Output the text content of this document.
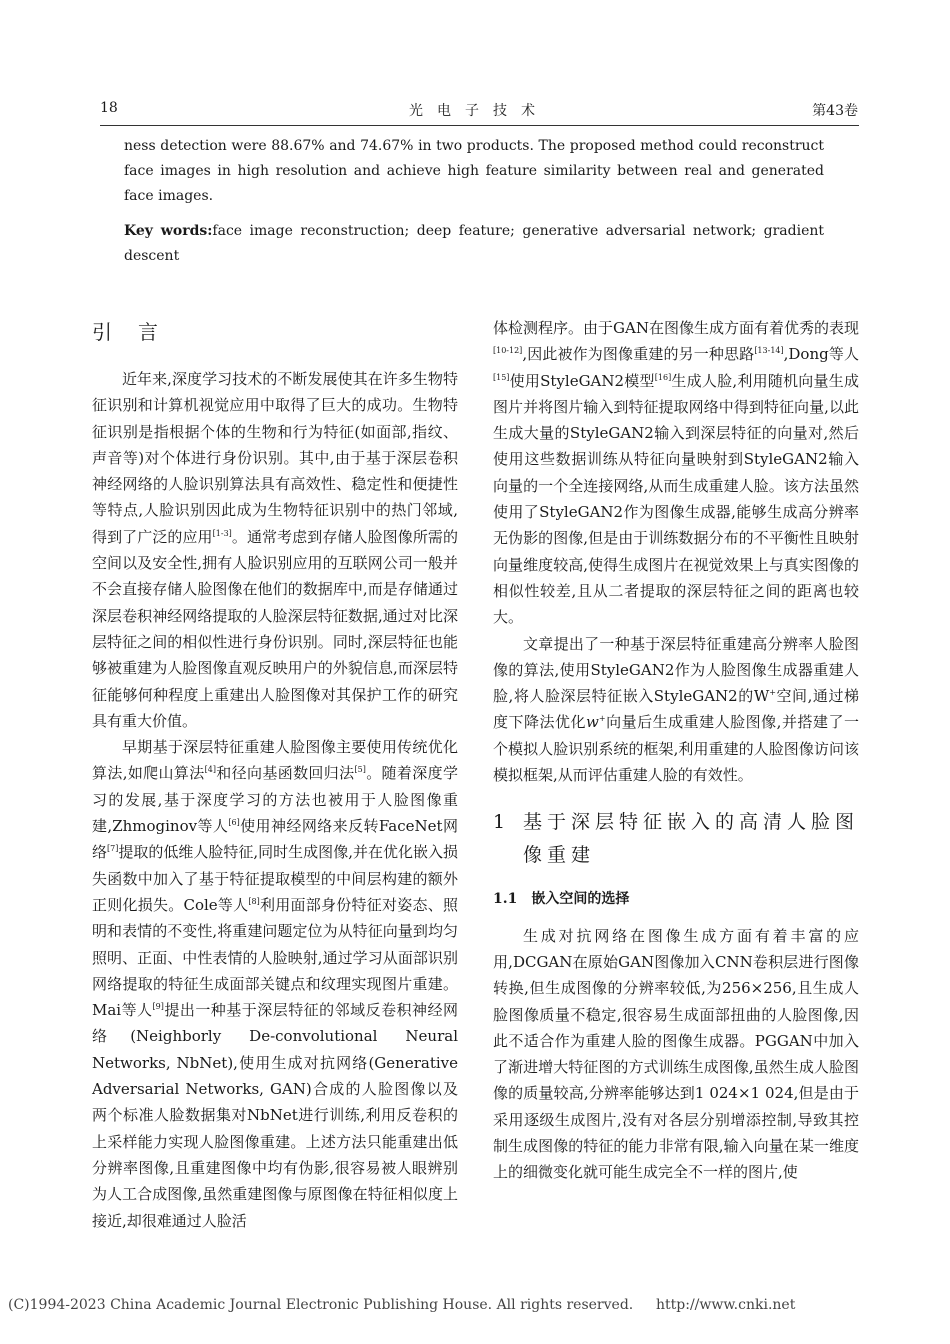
18	光电子技术	第43卷

ness detection were 88.67% and 74.67% in two products. The proposed method could reconstruct face images in high resolution and achieve high feature similarity between real and generated face images.

Key words:face image reconstruction; deep feature; generative adversarial network; gradient descent

引言

近年来,深度学习技术的不断发展使其在许多生物特征识别和计算机视觉应用中取得了巨大的成功。生物特征识别是指根据个体的生物和行为特征(如面部,指纹、声音等)对个体进行身份识别。其中,由于基于深层卷积神经网络的人脸识别算法具有高效性、稳定性和便捷性等特点,人脸识别因此成为生物特征识别中的热门邻域,得到了广泛的应用[1-3]。通常考虑到存储人脸图像所需的空间以及安全性,拥有人脸识别应用的互联网公司一般并不会直接存储人脸图像在他们的数据库中,而是存储通过深层卷积神经网络提取的人脸深层特征数据,通过对比深层特征之间的相似性进行身份识别。同时,深层特征也能够被重建为人脸图像直观反映用户的外貌信息,而深层特征能够何种程度上重建出人脸图像对其保护工作的研究具有重大价值。

早期基于深层特征重建人脸图像主要使用传统优化算法,如爬山算法[4]和径向基函数回归法[5]。随着深度学习的发展,基于深度学习的方法也被用于人脸图像重建,Zhmoginov等人[6]使用神经网络来反转FaceNet网络[7]提取的低维人脸特征,同时生成图像,并在优化嵌入损失函数中加入了基于特征提取模型的中间层构建的额外正则化损失。Cole等人[8]利用面部身份特征对姿态、照明和表情的不变性,将重建问题定位为从特征向量到均匀照明、正面、中性表情的人脸映射,通过学习从面部识别网络提取的特征生成面部关键点和纹理实现图片重建。Mai等人[9]提出一种基于深层特征的邻域反卷积神经网络(Neighborly De-convolutional Neural Networks, NbNet),使用生成对抗网络(Generative Adversarial Networks, GAN)合成的人脸图像以及两个标准人脸数据集对NbNet进行训练,利用反卷积的上采样能力实现人脸图像重建。上述方法只能重建出低分辨率图像,且重建图像中均有伪影,很容易被人眼辨别为人工合成图像,虽然重建图像与原图像在特征相似度上接近,却很难通过人脸活

体检测程序。由于GAN在图像生成方面有着优秀的表现[10-12],因此被作为图像重建的另一种思路[13-14],Dong等人[15]使用StyleGAN2模型[16]生成人脸,利用随机向量生成图片并将图片输入到特征提取网络中得到特征向量,以此生成大量的StyleGAN2输入到深层特征的向量对,然后使用这些数据训练从特征向量映射到StyleGAN2输入向量的一个全连接网络,从而生成重建人脸。该方法虽然使用了StyleGAN2作为图像生成器,能够生成高分辨率无伪影的图像,但是由于训练数据分布的不平衡性且映射向量维度较高,使得生成图片在视觉效果上与真实图像的相似性较差,且从二者提取的深层特征之间的距离也较大。

文章提出了一种基于深层特征重建高分辨率人脸图像的算法,使用StyleGAN2作为人脸图像生成器重建人脸,将人脸深层特征嵌入StyleGAN2的W+空间,通过梯度下降法优化w+向量后生成重建人脸图像,并搭建了一个模拟人脸识别系统的框架,利用重建的人脸图像访问该模拟框架,从而评估重建人脸的有效性。

1 基于深层特征嵌入的高清人脸图像重建
1.1 嵌入空间的选择

生成对抗网络在图像生成方面有着丰富的应用,DCGAN在原始GAN图像加入CNN卷积层进行图像转换,但生成图像的分辨率较低,为256×256,且生成人脸图像质量不稳定,很容易生成面部扭曲的人脸图像,因此不适合作为重建人脸的图像生成器。PGGAN中加入了渐进增大特征图的方式训练生成图像,虽然生成人脸图像的质量较高,分辨率能够达到1 024×1 024,但是由于采用逐级生成图片,没有对各层分别增添控制,导致其控制生成图像的特征的能力非常有限,输入向量在某一维度上的细微变化就可能生成完全不一样的图片,使

(C)1994-2023 China Academic Journal Electronic Publishing House. All rights reserved. http://www.cnki.net
